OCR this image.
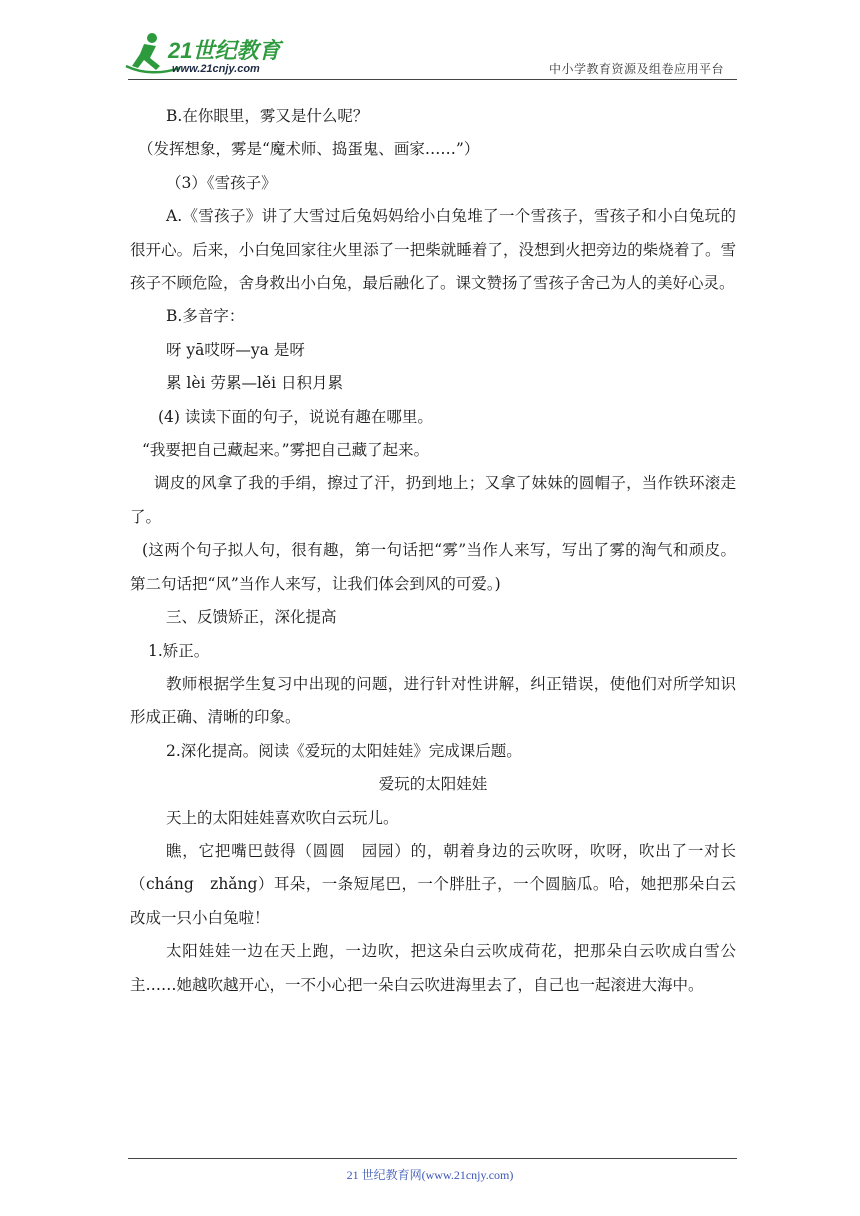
21世纪教育
www.21cnjy.com	中小学教育资源及组卷应用平台

B.在你眼里，雾又是什么呢？

（发挥想象，雾是“魔术师、捣蛋鬼、画家……”）

（3）《雪孩子》

A.《雪孩子》讲了大雪过后兔妈妈给小白兔堆了一个雪孩子，雪孩子和小白兔玩的很开心。后来，小白兔回家往火里添了一把柴就睡着了，没想到火把旁边的柴烧着了。雪孩子不顾危险，舍身救出小白兔，最后融化了。课文赞扬了雪孩子舍己为人的美好心灵。

B.多音字：

呀 yā哎呀—ya 是呀

累 lèi 劳累—lěi 日积月累

(4) 读读下面的句子，说说有趣在哪里。

“我要把自己藏起来。”雾把自己藏了起来。

调皮的风拿了我的手绢，擦过了汗，扔到地上；又拿了妹妹的圆帽子，当作铁环滚走了。

(这两个句子拟人句，很有趣，第一句话把“雾”当作人来写，写出了雾的淘气和顽皮。第二句话把“风”当作人来写，让我们体会到风的可爱。)

三、反馈矫正，深化提高

1.矫正。

教师根据学生复习中出现的问题，进行针对性讲解，纠正错误，使他们对所学知识形成正确、清晰的印象。

2.深化提高。阅读《爱玩的太阳娃娃》完成课后题。

爱玩的太阳娃娃

天上的太阳娃娃喜欢吹白云玩儿。

瞧，它把嘴巴鼓得（圆圆　园园）的，朝着身边的云吹呀，吹呀，吹出了一对长（cháng　zhǎng）耳朵，一条短尾巴，一个胖肚子，一个圆脑瓜。哈，她把那朵白云改成一只小白兔啦！

太阳娃娃一边在天上跑，一边吹，把这朵白云吹成荷花，把那朵白云吹成白雪公主……她越吹越开心，一不小心把一朵白云吹进海里去了，自己也一起滚进大海中。

21 世纪教育网(www.21cnjy.com)
